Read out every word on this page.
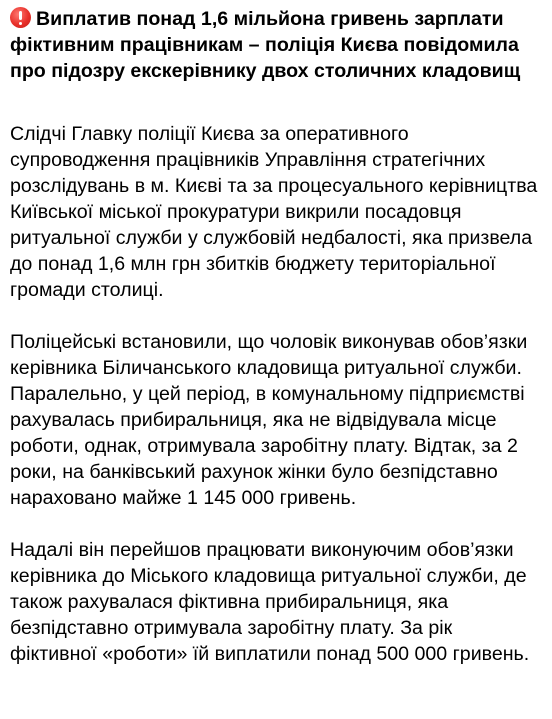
Виплатив понад 1,6 мільйона гривень зарплати фіктивним працівникам – поліція Києва повідомила про підозру екскерівнику двох столичних кладовищ

Слідчі Главку поліції Києва за оперативного супроводження працівників Управління стратегічних розслідувань в м. Києві та за процесуального керівництва Київської міської прокуратури викрили посадовця ритуальної служби у службовій недбалості, яка призвела до понад 1,6 млн грн збитків бюджету територіальної громади столиці.

Поліцейські встановили, що чоловік виконував обов’язки керівника Біличанського кладовища ритуальної служби. Паралельно, у цей період, в комунальному підприємстві рахувалась прибиральниця, яка не відвідувала місце роботи, однак, отримувала заробітну плату. Відтак, за 2 роки, на банківський рахунок жінки було безпідставно нараховано майже 1 145 000 гривень.

Надалі він перейшов працювати виконуючим обов’язки керівника до Міського кладовища ритуальної служби, де також рахувалася фіктивна прибиральниця, яка безпідставно отримувала заробітну плату. За рік фіктивної «роботи» їй виплатили понад 500 000 гривень.
